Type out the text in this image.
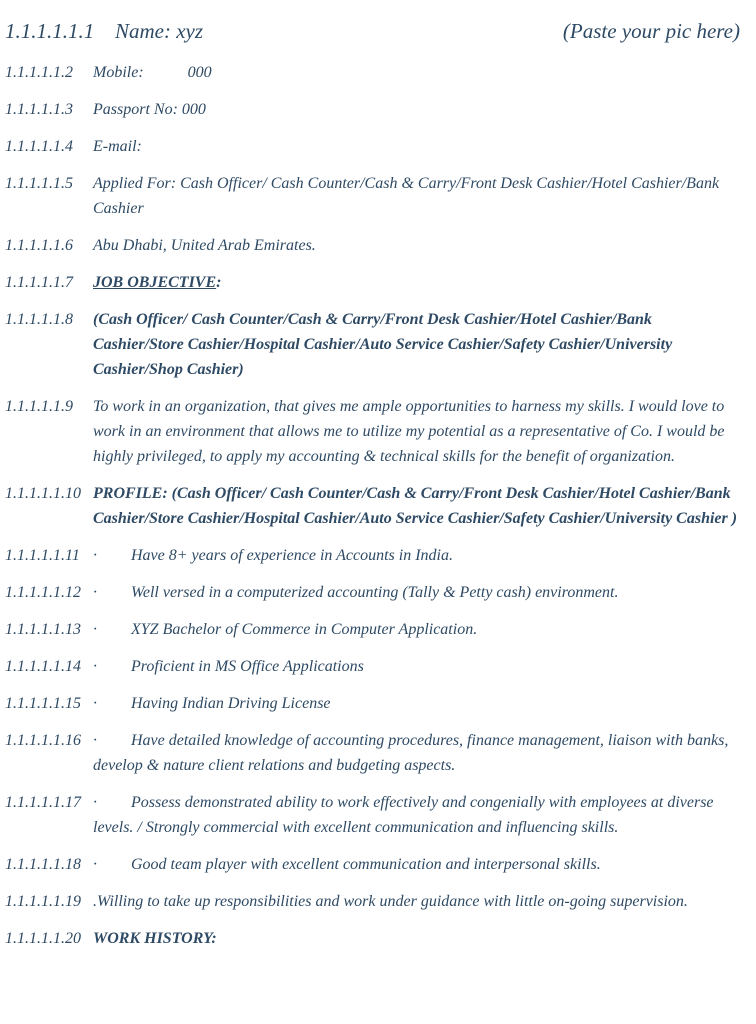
1.1.1.1.1.1 Name: xyz	(Paste your pic here)
1.1.1.1.1.2	Mobile:	000
1.1.1.1.1.3	Passport No: 000
1.1.1.1.1.4	E-mail:
1.1.1.1.1.5	Applied For: Cash Officer/ Cash Counter/Cash & Carry/Front Desk Cashier/Hotel Cashier/Bank Cashier
1.1.1.1.1.6	Abu Dhabi, United Arab Emirates.
1.1.1.1.1.7	JOB OBJECTIVE:
1.1.1.1.1.8	(Cash Officer/ Cash Counter/Cash & Carry/Front Desk Cashier/Hotel Cashier/Bank Cashier/Store Cashier/Hospital Cashier/Auto Service Cashier/Safety Cashier/University Cashier/Shop Cashier)
1.1.1.1.1.9	To work in an organization, that gives me ample opportunities to harness my skills. I would love to work in an environment that allows me to utilize my potential as a representative of Co. I would be highly privileged, to apply my accounting & technical skills for the benefit of organization.
1.1.1.1.1.10 PROFILE: (Cash Officer/ Cash Counter/Cash & Carry/Front Desk Cashier/Hotel Cashier/Bank Cashier/Store Cashier/Hospital Cashier/Auto Service Cashier/Safety Cashier/University Cashier )
1.1.1.1.1.11 · Have 8+ years of experience in Accounts in India.
1.1.1.1.1.12 · Well versed in a computerized accounting (Tally & Petty cash) environment.
1.1.1.1.1.13 · XYZ Bachelor of Commerce in Computer Application.
1.1.1.1.1.14 · Proficient in MS Office Applications
1.1.1.1.1.15 · Having Indian Driving License
1.1.1.1.1.16 · Have detailed knowledge of accounting procedures, finance management, liaison with banks, develop & nature client relations and budgeting aspects.
1.1.1.1.1.17 · Possess demonstrated ability to work effectively and congenially with employees at diverse levels. / Strongly commercial with excellent communication and influencing skills.
1.1.1.1.1.18 · Good team player with excellent communication and interpersonal skills.
1.1.1.1.1.19 .Willing to take up responsibilities and work under guidance with little on-going supervision.
1.1.1.1.1.20 WORK HISTORY:
